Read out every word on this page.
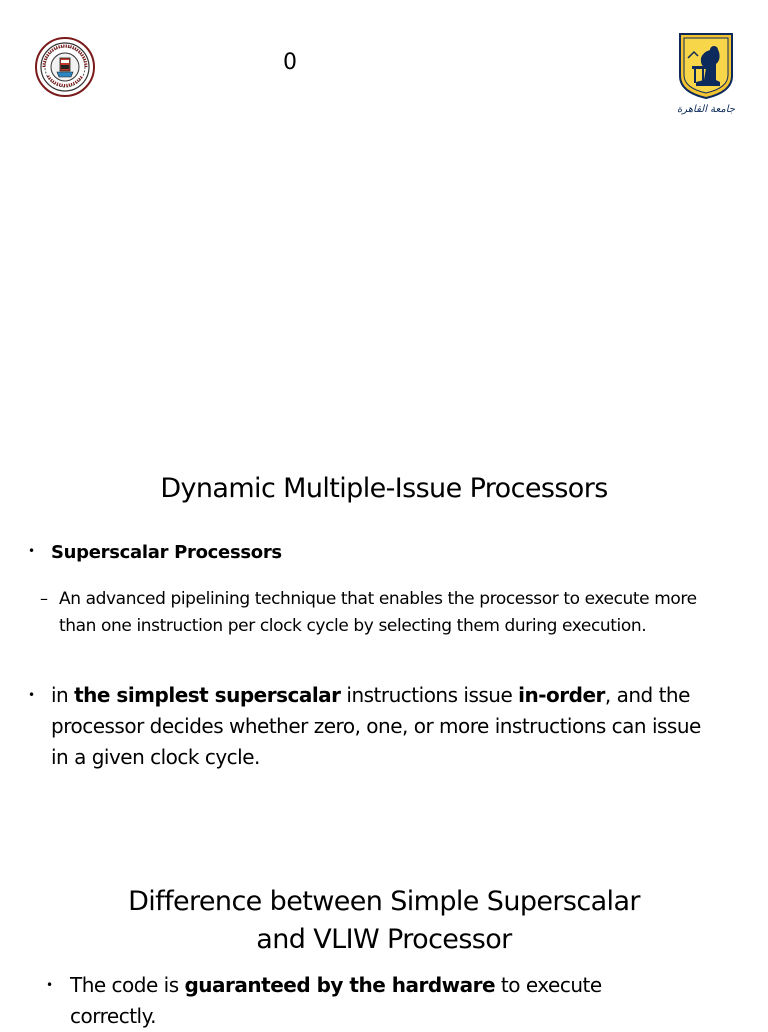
0
جامعة القاهرة
Dynamic Multiple-Issue Processors
• Superscalar Processors
– An advanced pipelining technique that enables the processor to execute more than one instruction per clock cycle by selecting them during execution.
• in the simplest superscalar instructions issue in-order, and the processor decides whether zero, one, or more instructions can issue in a given clock cycle.
Difference between Simple Superscalar
and VLIW Processor
• The code is guaranteed by the hardware to execute correctly.
